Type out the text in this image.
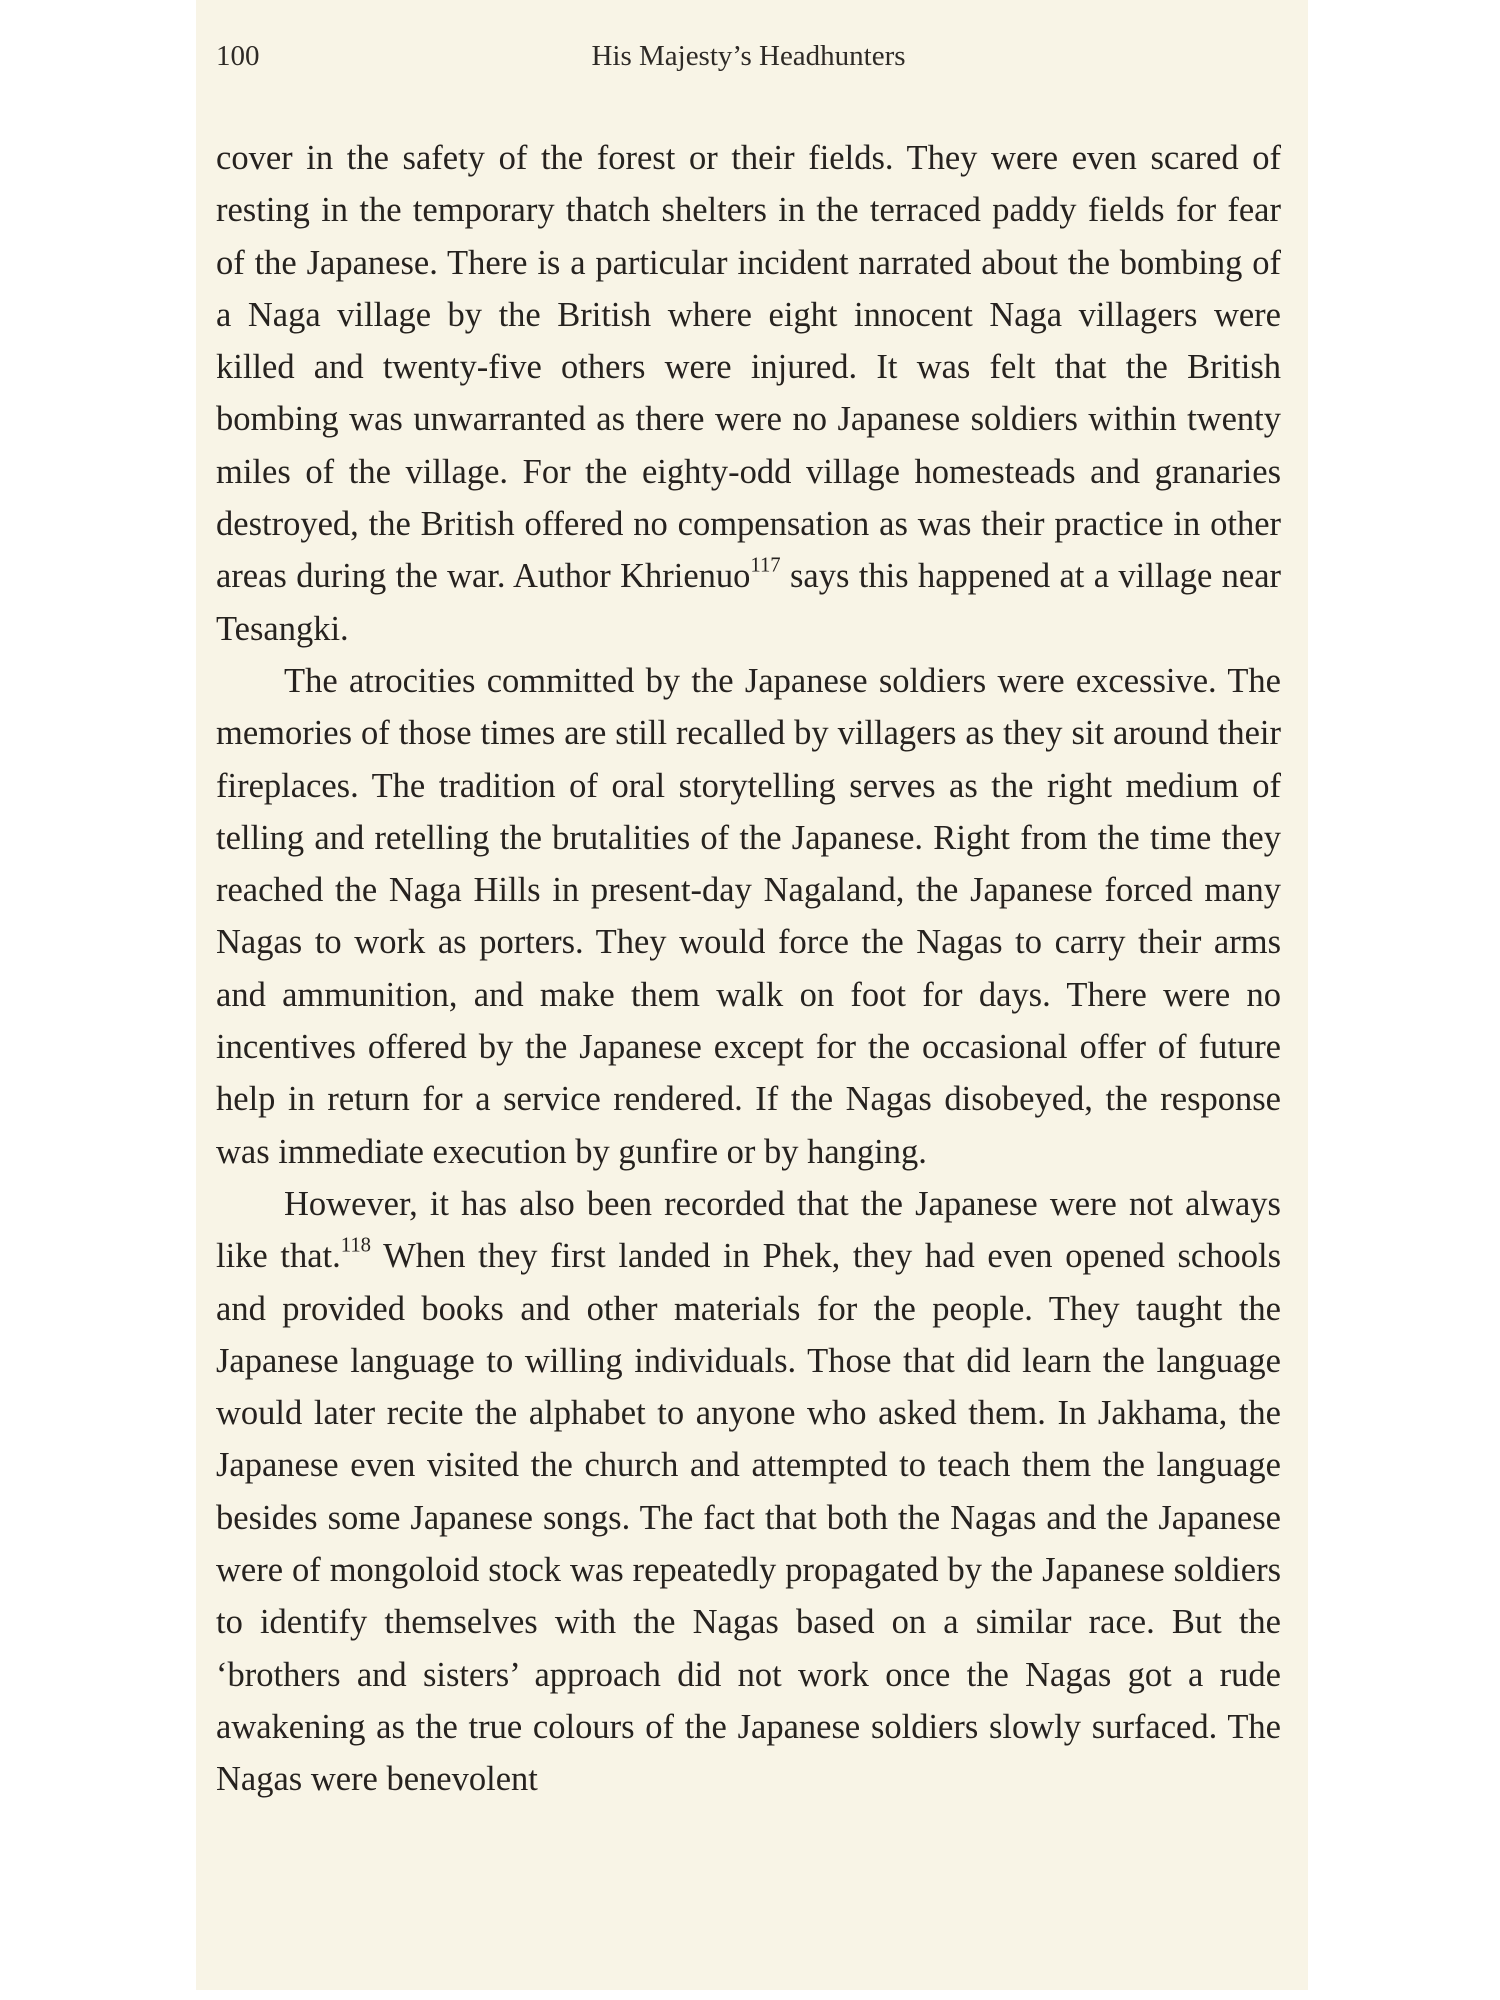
100	His Majesty’s Headhunters

cover in the safety of the forest or their fields. They were even scared of resting in the temporary thatch shelters in the terraced paddy fields for fear of the Japanese. There is a particular incident narrated about the bombing of a Naga village by the British where eight innocent Naga villagers were killed and twenty-five others were injured. It was felt that the British bombing was unwarranted as there were no Japanese soldiers within twenty miles of the village. For the eighty-odd village homesteads and granaries destroyed, the British offered no compensation as was their practice in other areas during the war. Author Khrienuo$^{117}$ says this happened at a village near Tesangki.

The atrocities committed by the Japanese soldiers were excessive. The memories of those times are still recalled by villagers as they sit around their fireplaces. The tradition of oral storytelling serves as the right medium of telling and retelling the brutalities of the Japanese. Right from the time they reached the Naga Hills in present-day Nagaland, the Japanese forced many Nagas to work as porters. They would force the Nagas to carry their arms and ammunition, and make them walk on foot for days. There were no incentives offered by the Japanese except for the occasional offer of future help in return for a service rendered. If the Nagas disobeyed, the response was immediate execution by gunfire or by hanging.

However, it has also been recorded that the Japanese were not always like that.$^{118}$ When they first landed in Phek, they had even opened schools and provided books and other materials for the people. They taught the Japanese language to willing individuals. Those that did learn the language would later recite the alphabet to anyone who asked them. In Jakhama, the Japanese even visited the church and attempted to teach them the language besides some Japanese songs. The fact that both the Nagas and the Japanese were of mongoloid stock was repeatedly propagated by the Japanese soldiers to identify themselves with the Nagas based on a similar race. But the ‘brothers and sisters’ approach did not work once the Nagas got a rude awakening as the true colours of the Japanese soldiers slowly surfaced. The Nagas were benevolent
